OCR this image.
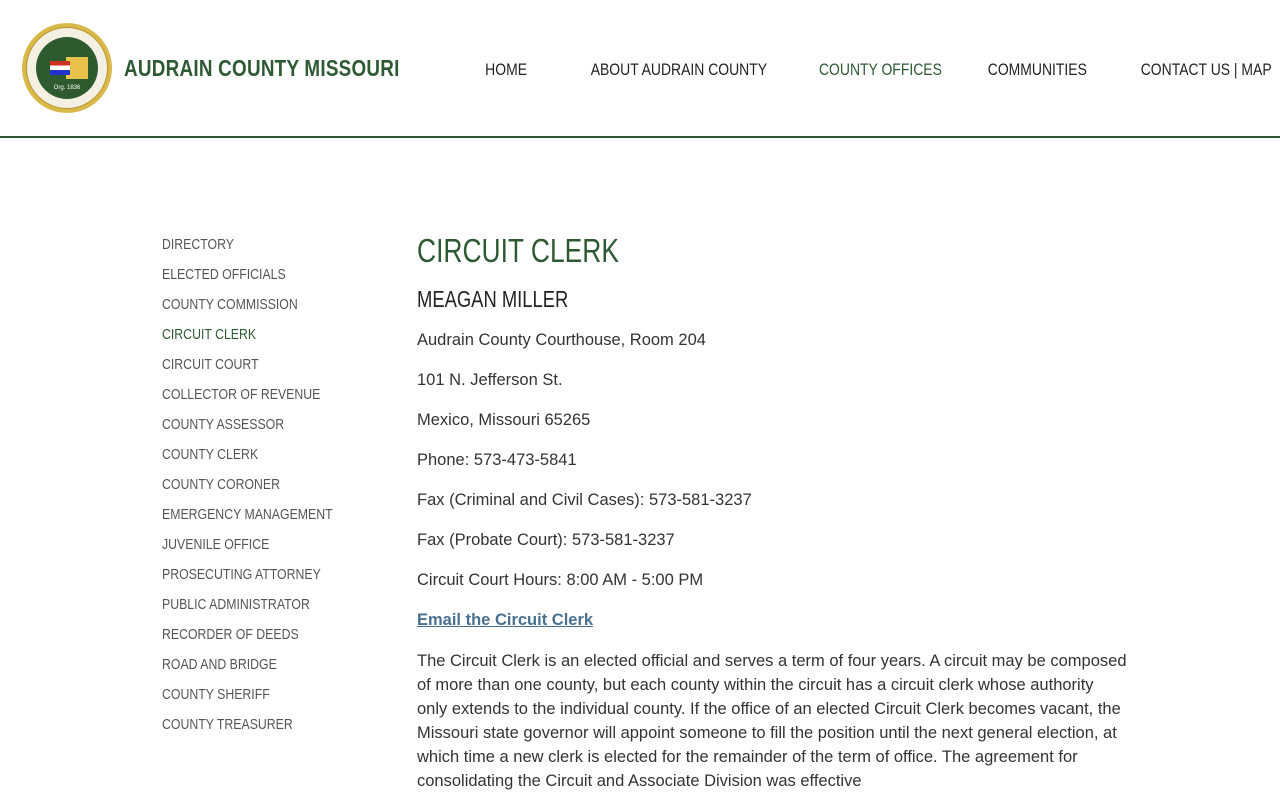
Org. 1836
AUDRAIN COUNTY MISSOURI	HOME	ABOUT AUDRAIN COUNTY	COUNTY OFFICES	COMMUNITIES	CONTACT US | MAP
DIRECTORY
ELECTED OFFICIALS
COUNTY COMMISSION
CIRCUIT CLERK
CIRCUIT COURT
COLLECTOR OF REVENUE
COUNTY ASSESSOR
COUNTY CLERK
COUNTY CORONER
EMERGENCY MANAGEMENT
JUVENILE OFFICE
PROSECUTING ATTORNEY
PUBLIC ADMINISTRATOR
RECORDER OF DEEDS
ROAD AND BRIDGE
COUNTY SHERIFF
COUNTY TREASURER
CIRCUIT CLERK
MEAGAN MILLER

Audrain County Courthouse, Room 204

101 N. Jefferson St.

Mexico, Missouri 65265

Phone: 573-473-5841

Fax (Criminal and Civil Cases): 573-581-3237

Fax (Probate Court): 573-581-3237

Circuit Court Hours: 8:00 AM - 5:00 PM

Email the Circuit Clerk

The Circuit Clerk is an elected official and serves a term of four years. A circuit may be composed of more than one county, but each county within the circuit has a circuit clerk whose authority only extends to the individual county. If the office of an elected Circuit Clerk becomes vacant, the Missouri state governor will appoint someone to fill the position until the next general election, at which time a new clerk is elected for the remainder of the term of office. The agreement for consolidating the Circuit and Associate Division was effective
